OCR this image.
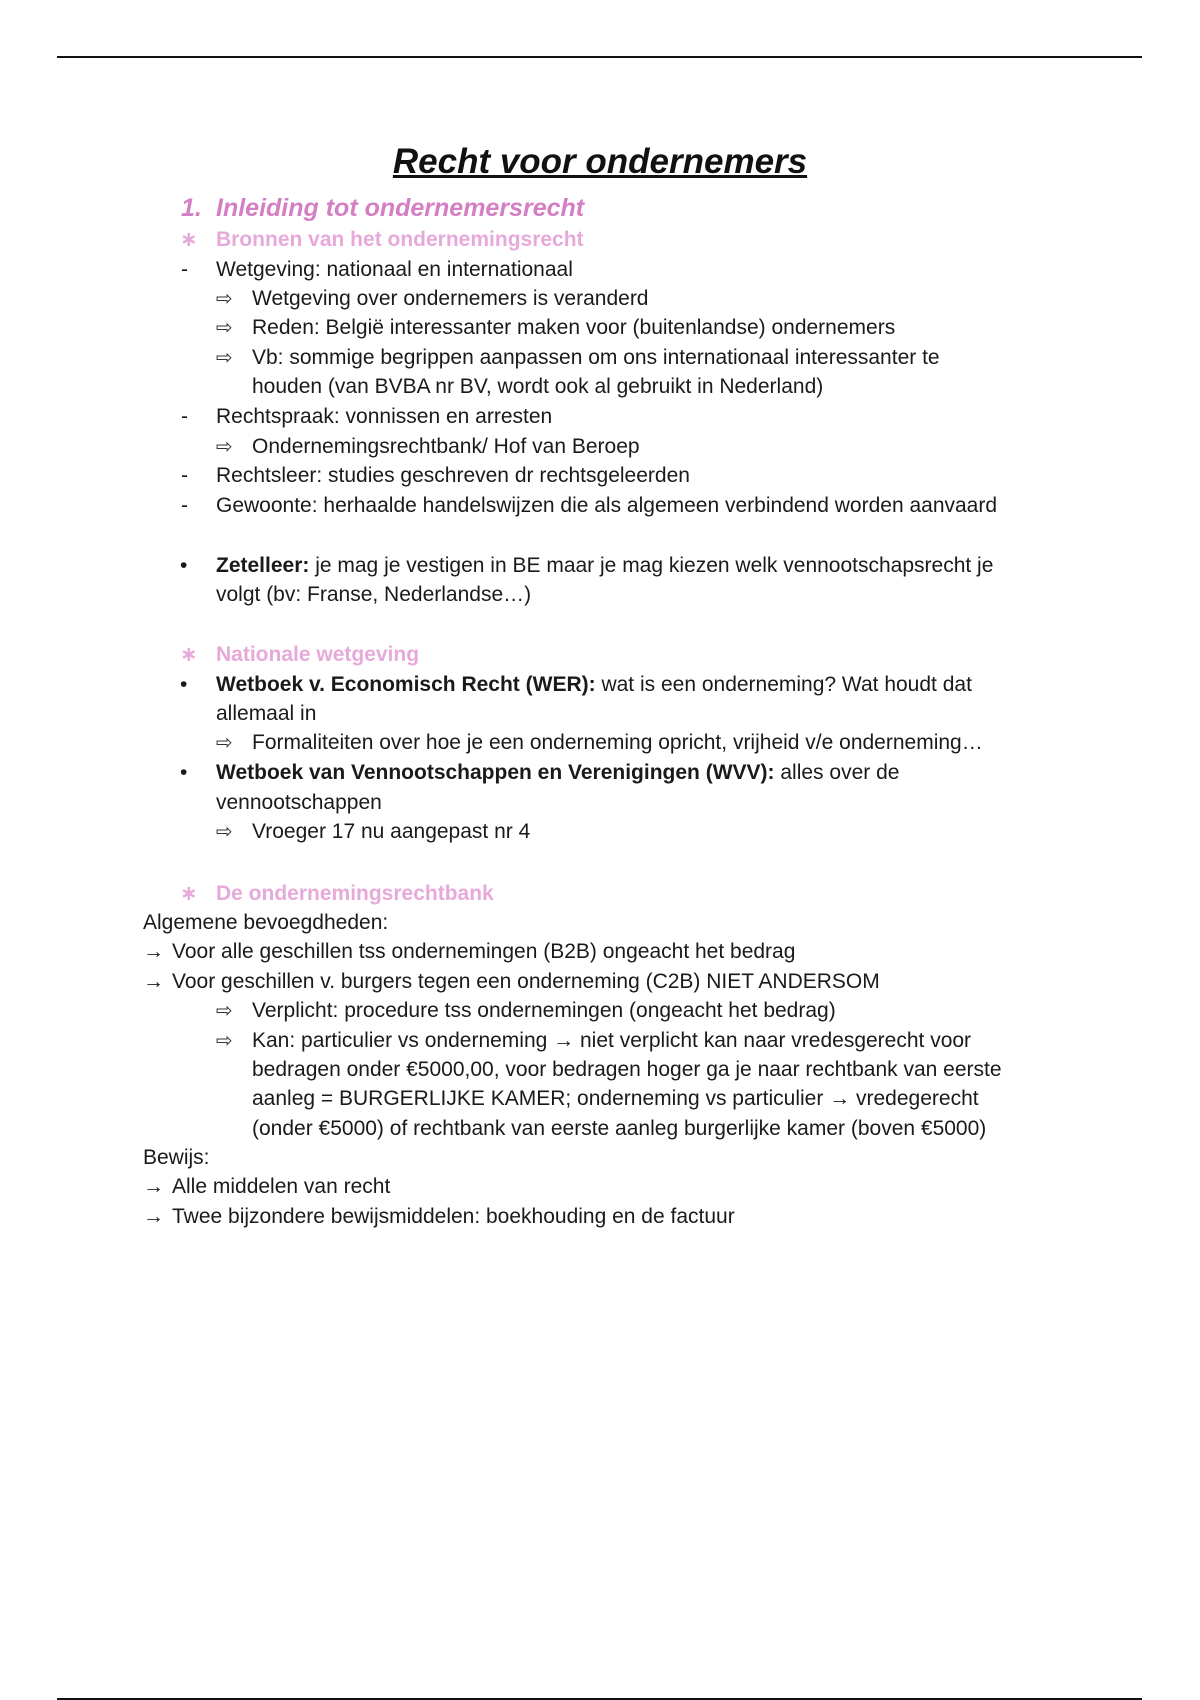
Recht voor ondernemers
1. Inleiding tot ondernemersrecht
∗ Bronnen van het ondernemingsrecht
- Wetgeving: nationaal en internationaal
⇨ Wetgeving over ondernemers is veranderd
⇨ Reden: België interessanter maken voor (buitenlandse) ondernemers
⇨ Vb: sommige begrippen aanpassen om ons internationaal interessanter te
houden (van BVBA nr BV, wordt ook al gebruikt in Nederland)
- Rechtspraak: vonnissen en arresten
⇨ Ondernemingsrechtbank/ Hof van Beroep
- Rechtsleer: studies geschreven dr rechtsgeleerden
- Gewoonte: herhaalde handelswijzen die als algemeen verbindend worden aanvaard
• Zetelleer: je mag je vestigen in BE maar je mag kiezen welk vennootschapsrecht je
volgt (bv: Franse, Nederlandse…)
∗ Nationale wetgeving
• Wetboek v. Economisch Recht (WER): wat is een onderneming? Wat houdt dat
allemaal in
⇨ Formaliteiten over hoe je een onderneming opricht, vrijheid v/e onderneming…
• Wetboek van Vennootschappen en Verenigingen (WVV): alles over de
vennootschappen
⇨ Vroeger 17 nu aangepast nr 4
∗ De ondernemingsrechtbank
Algemene bevoegdheden:
→ Voor alle geschillen tss ondernemingen (B2B) ongeacht het bedrag
→ Voor geschillen v. burgers tegen een onderneming (C2B) NIET ANDERSOM
⇨ Verplicht: procedure tss ondernemingen (ongeacht het bedrag)
⇨ Kan: particulier vs onderneming → niet verplicht kan naar vredesgerecht voor
bedragen onder €5000,00, voor bedragen hoger ga je naar rechtbank van eerste
aanleg = BURGERLIJKE KAMER; onderneming vs particulier → vredegerecht
(onder €5000) of rechtbank van eerste aanleg burgerlijke kamer (boven €5000)
Bewijs:
→ Alle middelen van recht
→ Twee bijzondere bewijsmiddelen: boekhouding en de factuur
